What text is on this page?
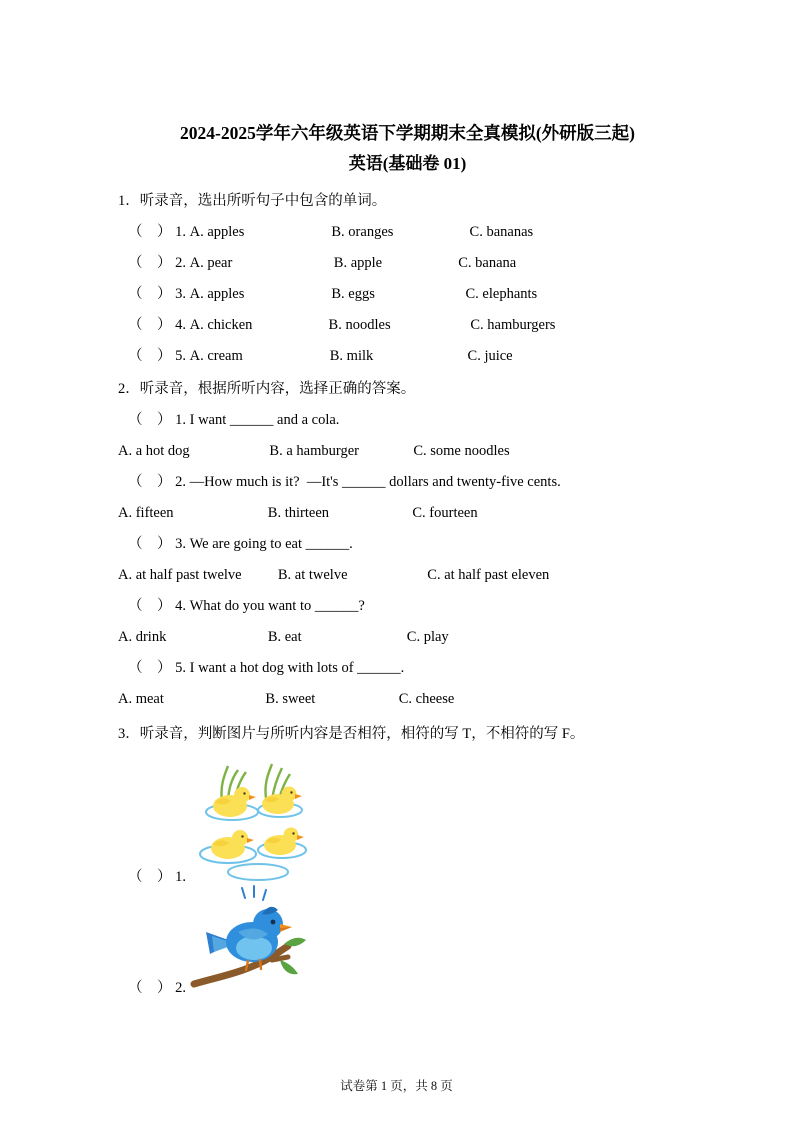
2024-2025学年六年级英语下学期期末全真模拟(外研版三起)
英语(基础卷 01)
1．听录音，选出所听句子中包含的单词。
（    ） 1. A. apples                        B. oranges                     C. bananas
（    ） 2. A. pear                            B. apple                     C. banana
（    ） 3. A. apples                        B. eggs                         C. elephants
（    ） 4. A. chicken                     B. noodles                      C. hamburgers
（    ） 5. A. cream                        B. milk                          C. juice
2．听录音，根据所听内容，选择正确的答案。
（    ） 1. I want ______ and a cola.
A. a hot dog                      B. a hamburger               C. some noodles
（    ） 2. —How much is it?  —It's ______ dollars and twenty-five cents.
A. fifteen                          B. thirteen                       C. fourteen
（    ） 3. We are going to eat ______.
A. at half past twelve          B. at twelve                      C. at half past eleven
（    ） 4. What do you want to ______?
A. drink                            B. eat                             C. play
（    ） 5. I want a hot dog with lots of ______.
A. meat                            B. sweet                       C. cheese
3．听录音，判断图片与所听内容是否相符，相符的写 T，不相符的写 F。
（    ） 1.
（    ） 2.
试卷第 1 页，共 8 页
